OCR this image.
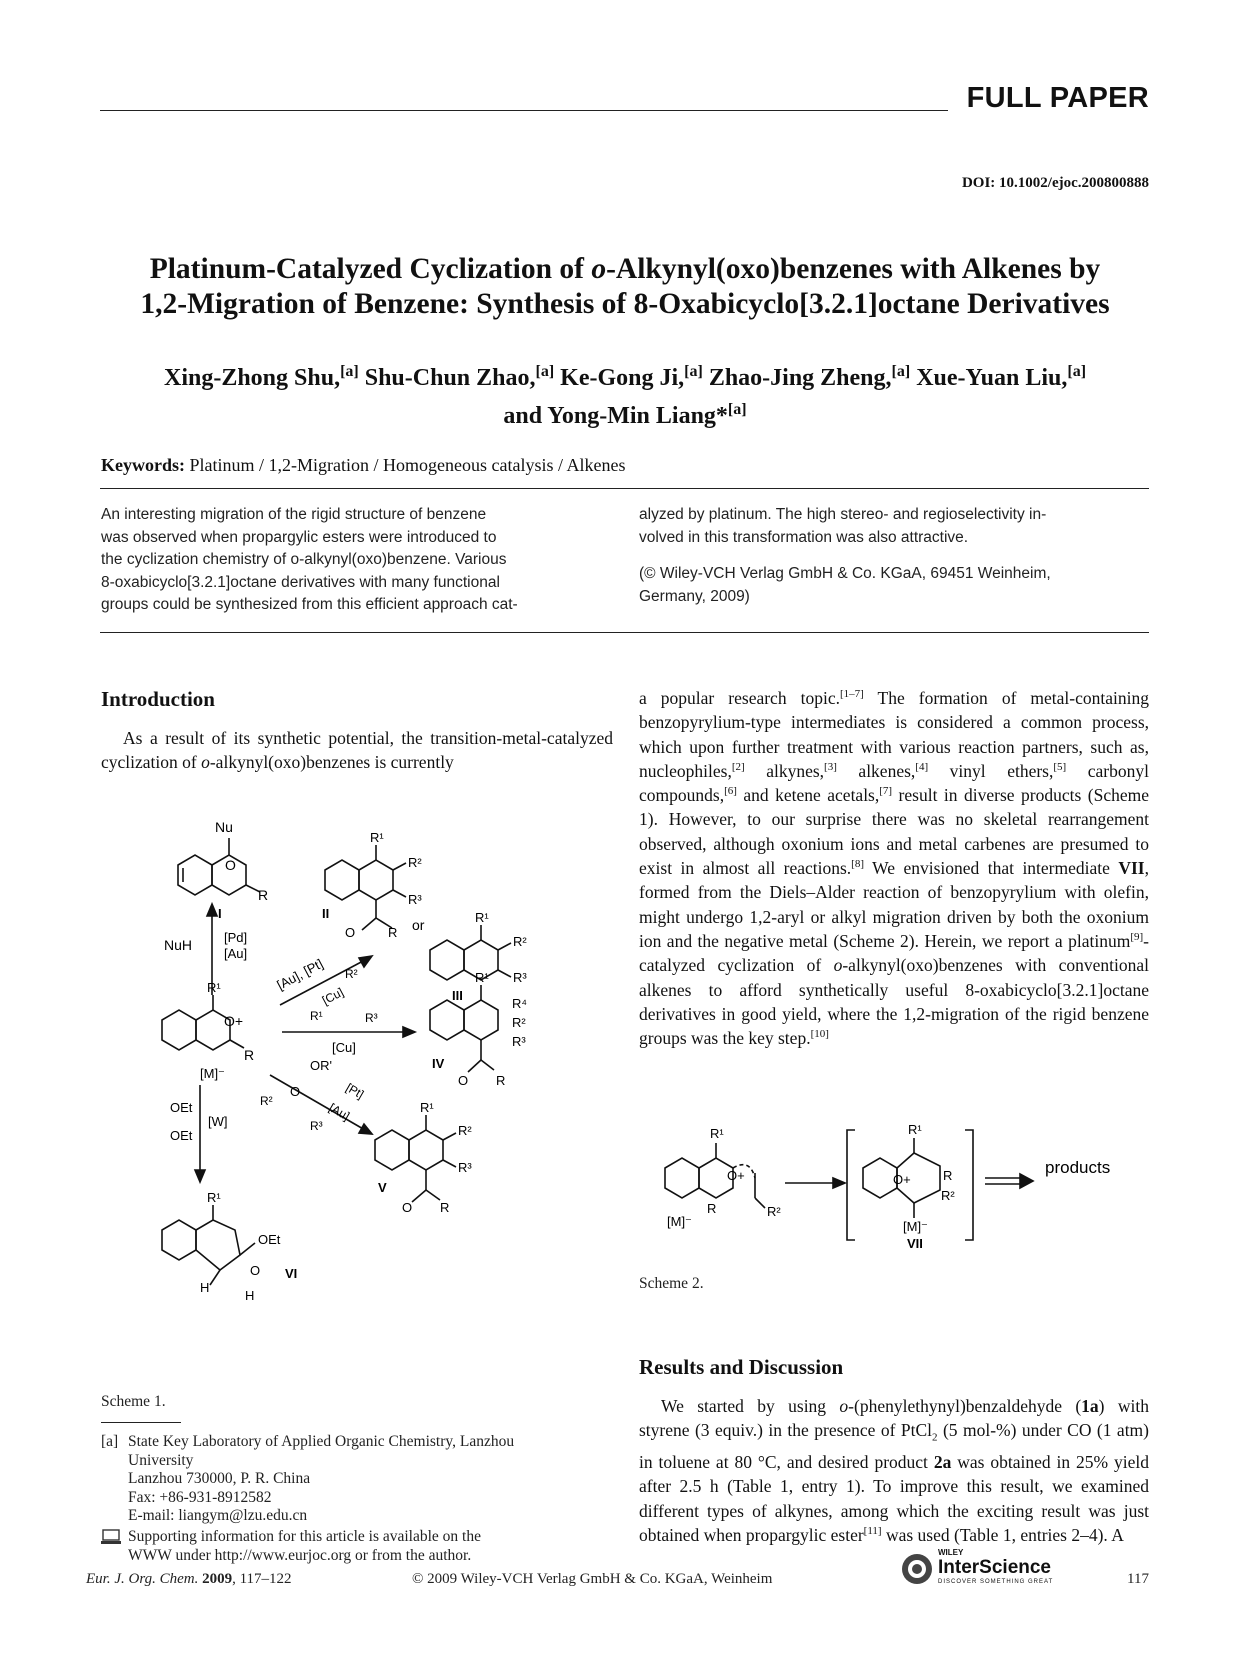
FULL PAPER
DOI: 10.1002/ejoc.200800888
Platinum-Catalyzed Cyclization of o-Alkynyl(oxo)benzenes with Alkenes by
1,2-Migration of Benzene: Synthesis of 8-Oxabicyclo[3.2.1]octane Derivatives
Xing-Zhong Shu,[a] Shu-Chun Zhao,[a] Ke-Gong Ji,[a] Zhao-Jing Zheng,[a] Xue-Yuan Liu,[a]
and Yong-Min Liang*[a]
Keywords: Platinum / 1,2-Migration / Homogeneous catalysis / Alkenes
An interesting migration of the rigid structure of benzene
was observed when propargylic esters were introduced to
the cyclization chemistry of o-alkynyl(oxo)benzene. Various
8-oxabicyclo[3.2.1]octane derivatives with many functional
groups could be synthesized from this efficient approach cat-
alyzed by platinum. The high stereo- and regioselectivity in-
volved in this transformation was also attractive.
(© Wiley-VCH Verlag GmbH & Co. KGaA, 69451 Weinheim,
Germany, 2009)
Introduction
As a result of its synthetic potential, the transition-metal-catalyzed cyclization of o-alkynyl(oxo)benzenes is currently
Nu
O
R
I
NuH [Pd]
[Au]
R¹
R²
R³
II
O	R or	R¹
R²
R³
III
[Au], [Pt]
[Cu]
R¹
O+
R
[M]⁻
R¹
R²
R³
[Cu]
R¹
R⁴
R²
R³
IV
O R
OR'
[Pt]
[Au]
R²
O
R³
R¹
R²
R³
V
O R
OEt
OEt
[W]
R¹
OEt
O
H
H
VI
Scheme 1.
[a] State Key Laboratory of Applied Organic Chemistry, Lanzhou
University
Lanzhou 730000, P. R. China
Fax: +86-931-8912582
E-mail: liangym@lzu.edu.cn
Supporting information for this article is available on the
WWW under http://www.eurjoc.org or from the author.
a popular research topic.[1–7] The formation of metal-containing benzopyrylium-type intermediates is considered a common process, which upon further treatment with various reaction partners, such as, nucleophiles,[2] alkynes,[3] alkenes,[4] vinyl ethers,[5] carbonyl compounds,[6] and ketene acetals,[7] result in diverse products (Scheme 1). However, to our surprise there was no skeletal rearrangement observed, although oxonium ions and metal carbenes are presumed to exist in almost all reactions.[8] We envisioned that intermediate VII, formed from the Diels–Alder reaction of benzopyrylium with olefin, might undergo 1,2-aryl or alkyl migration driven by both the oxonium ion and the negative metal (Scheme 2). Herein, we report a platinum[9]-catalyzed cyclization of o-alkynyl(oxo)benzenes with conventional alkenes to afford synthetically useful 8-oxabicyclo[3.2.1]octane derivatives in good yield, where the 1,2-migration of the rigid benzene groups was the key step.[10]
R¹
O+
R
[M]⁻
R²
R¹
O+ R
R²
[M]⁻
VII
products
Scheme 2.
Results and Discussion
We started by using o-(phenylethynyl)benzaldehyde (1a) with styrene (3 equiv.) in the presence of PtCl$_2$ (5 mol-%) under CO (1 atm) in toluene at 80 °C, and desired product 2a was obtained in 25% yield after 2.5 h (Table 1, entry 1). To improve this result, we examined different types of alkynes, among which the exciting result was just obtained when propargylic ester[11] was used (Table 1, entries 2–4). A
Eur. J. Org. Chem. 2009, 117–122	© 2009 Wiley-VCH Verlag GmbH & Co. KGaA, Weinheim
WILEY
InterScience
DISCOVER SOMETHING GREAT	117
